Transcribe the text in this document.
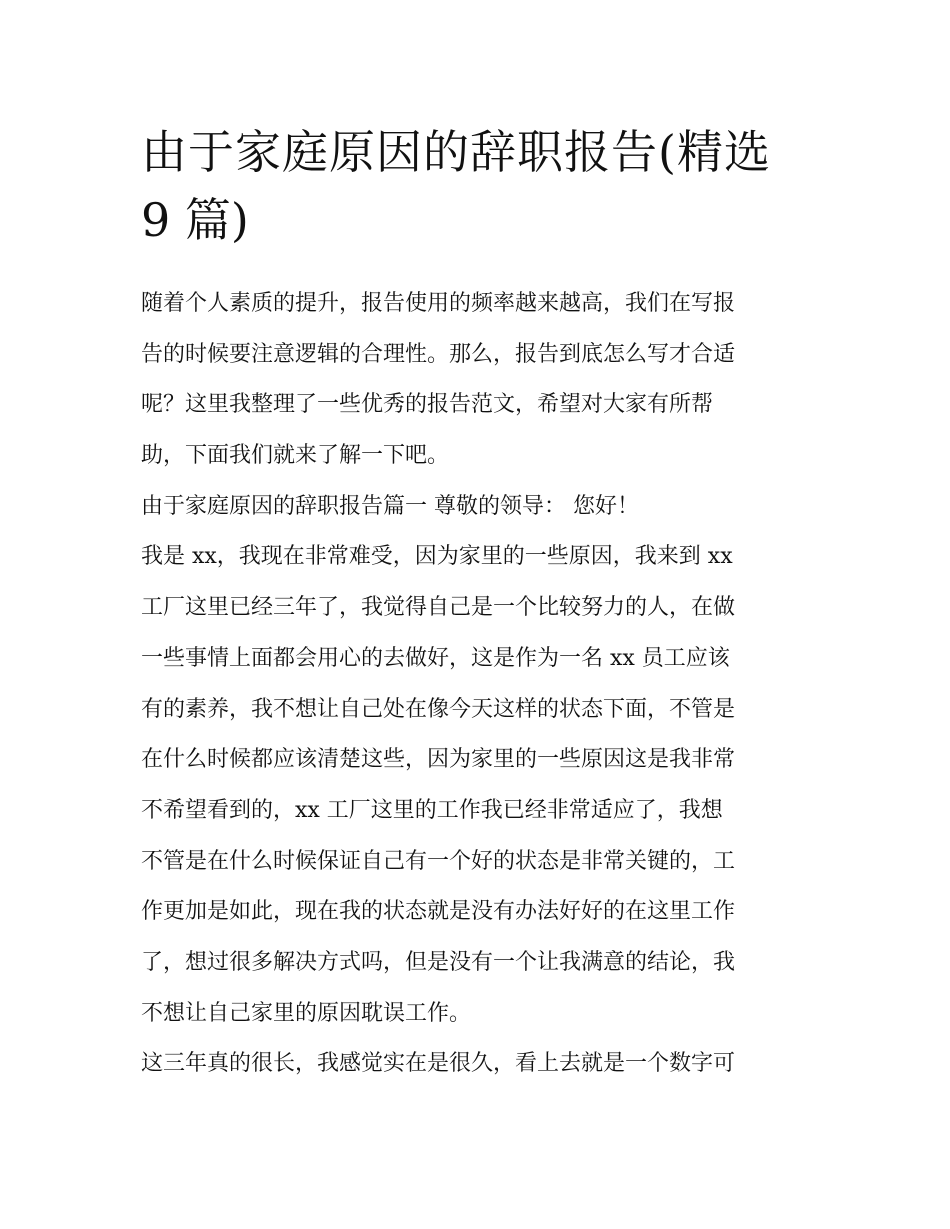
由于家庭原因的辞职报告(精选
9 篇)
随着个人素质的提升，报告使用的频率越来越高，我们在写报
告的时候要注意逻辑的合理性。那么，报告到底怎么写才合适
呢？这里我整理了一些优秀的报告范文，希望对大家有所帮
助，下面我们就来了解一下吧。
由于家庭原因的辞职报告篇一 尊敬的领导： 您好！
我是 xx，我现在非常难受，因为家里的一些原因，我来到 xx
工厂这里已经三年了，我觉得自己是一个比较努力的人，在做
一些事情上面都会用心的去做好，这是作为一名 xx 员工应该
有的素养，我不想让自己处在像今天这样的状态下面，不管是
在什么时候都应该清楚这些，因为家里的一些原因这是我非常
不希望看到的，xx 工厂这里的工作我已经非常适应了，我想
不管是在什么时候保证自己有一个好的状态是非常关键的，工
作更加是如此，现在我的状态就是没有办法好好的在这里工作
了，想过很多解决方式吗，但是没有一个让我满意的结论，我
不想让自己家里的原因耽误工作。
这三年真的很长，我感觉实在是很久，看上去就是一个数字可
